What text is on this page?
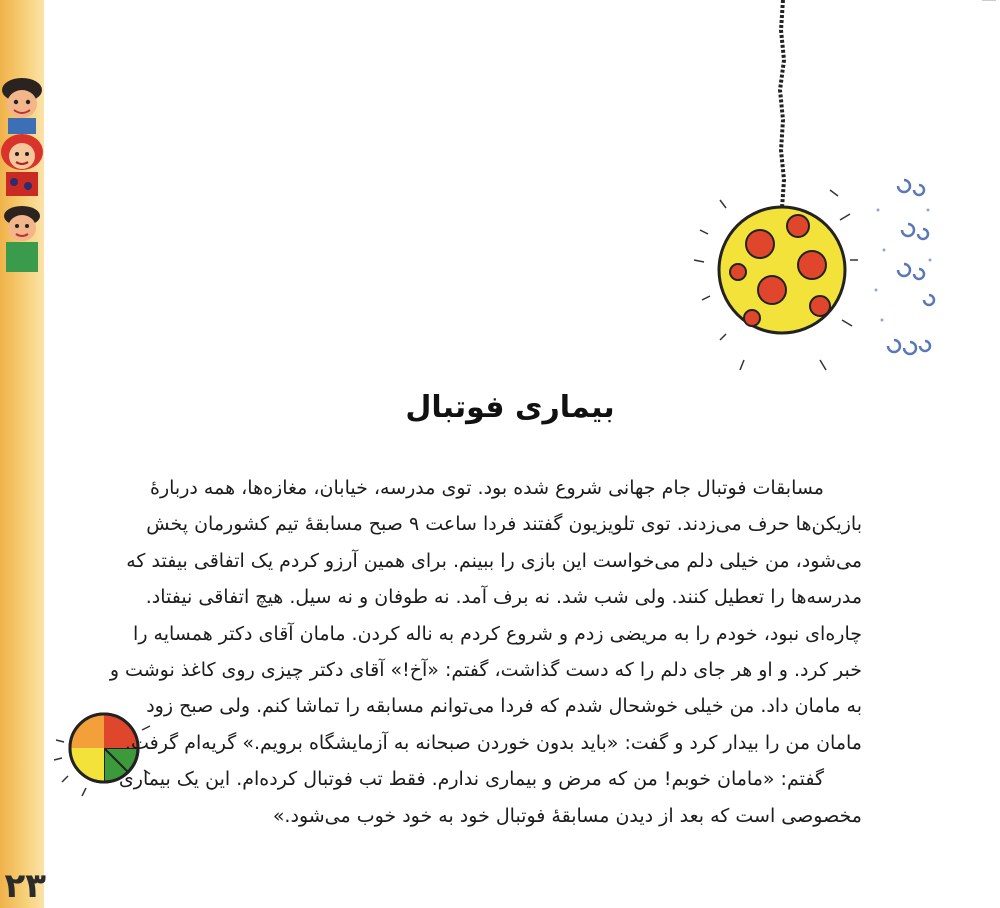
۲۳
بیماری فوتبال
مسابقات فوتبال جام جهانی شروع شده بود. توی مدرسه، خیابان، مغازه‌ها، همه دربارهٔ
بازیکن‌ها حرف می‌زدند. توی تلویزیون گفتند فردا ساعت ۹ صبح مسابقهٔ تیم کشورمان پخش
می‌شود، من خیلی دلم می‌خواست این بازی را ببینم. برای همین آرزو کردم یک اتفاقی بیفتد که
مدرسه‌ها را تعطیل کنند. ولی شب شد. نه برف آمد. نه طوفان و نه سیل. هیچ اتفاقی نیفتاد.
چاره‌ای نبود، خودم را به مریضی زدم و شروع کردم به ناله کردن. مامان آقای دکتر همسایه را
خبر کرد. و او هر جای دلم را که دست گذاشت، گفتم: «آخ!» آقای دکتر چیزی روی کاغذ نوشت و
به مامان داد. من خیلی خوشحال شدم که فردا می‌توانم مسابقه را تماشا کنم. ولی صبح زود
مامان من را بیدار کرد و گفت: «باید بدون خوردن صبحانه به آزمایشگاه برویم.» گریه‌ام گرفت.
گفتم: «مامان خوبم! من که مرض و بیماری ندارم. فقط تب فوتبال کرده‌ام. این یک بیماری
مخصوصی است که بعد از دیدن مسابقهٔ فوتبال خود به خود خوب می‌شود.»
